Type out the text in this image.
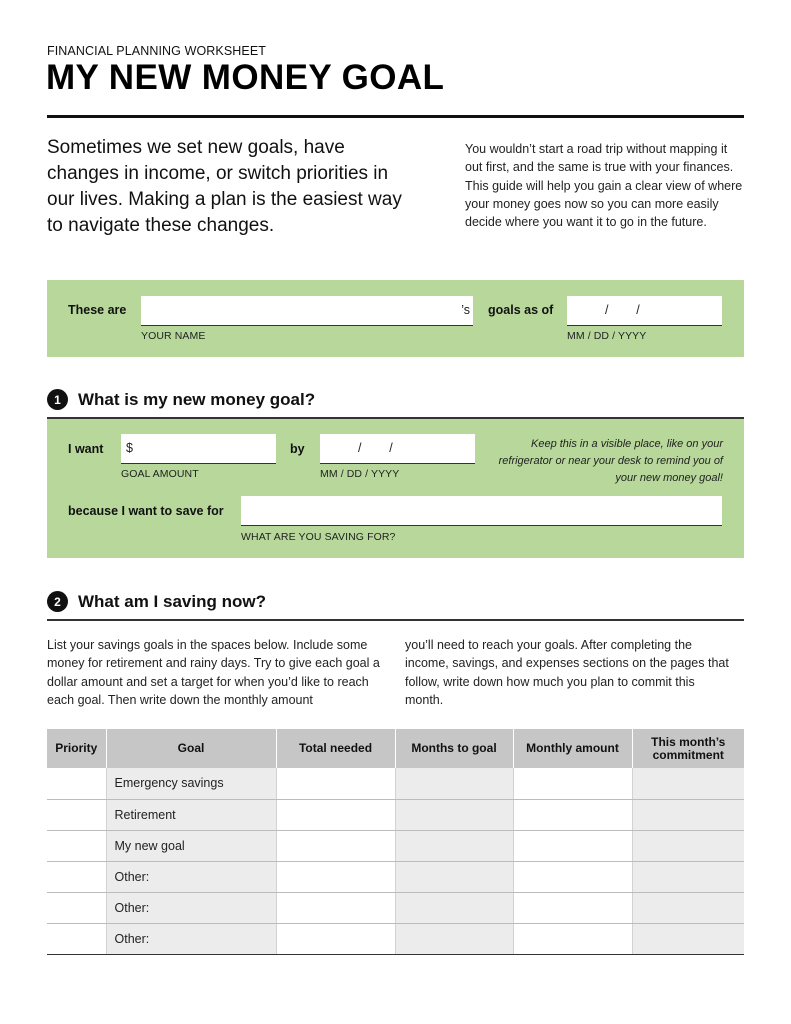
FINANCIAL PLANNING WORKSHEET
MY NEW MONEY GOAL
Sometimes we set new goals, have changes in income, or switch priorities in our lives. Making a plan is the easiest way to navigate these changes.
You wouldn’t start a road trip without mapping it out first, and the same is true with your finances. This guide will help you gain a clear view of where your money goes now so you can more easily decide where you want it to go in the future.
These are	’s
YOUR NAME
goals as of	/        /
MM / DD / YYYY
1	What is my new money goal?
I want $
GOAL AMOUNT
by	/        /
MM / DD / YYYY
because I want to save for
WHAT ARE YOU SAVING FOR?
Keep this in a visible place, like on your refrigerator or near your desk to remind you of your new money goal!
2	What am I saving now?
List your savings goals in the spaces below. Include some money for retirement and rainy days. Try to give each goal a dollar amount and set a target for when you’d like to reach each goal. Then write down the monthly amount
you’ll need to reach your goals. After completing the income, savings, and expenses sections on the pages that follow, write down how much you plan to commit this month.
Priority	Goal	Total needed	Months to goal	Monthly amount	This month’s commitment
	Emergency savings				
	Retirement				
	My new goal				
	Other:				
	Other:				
	Other:				
